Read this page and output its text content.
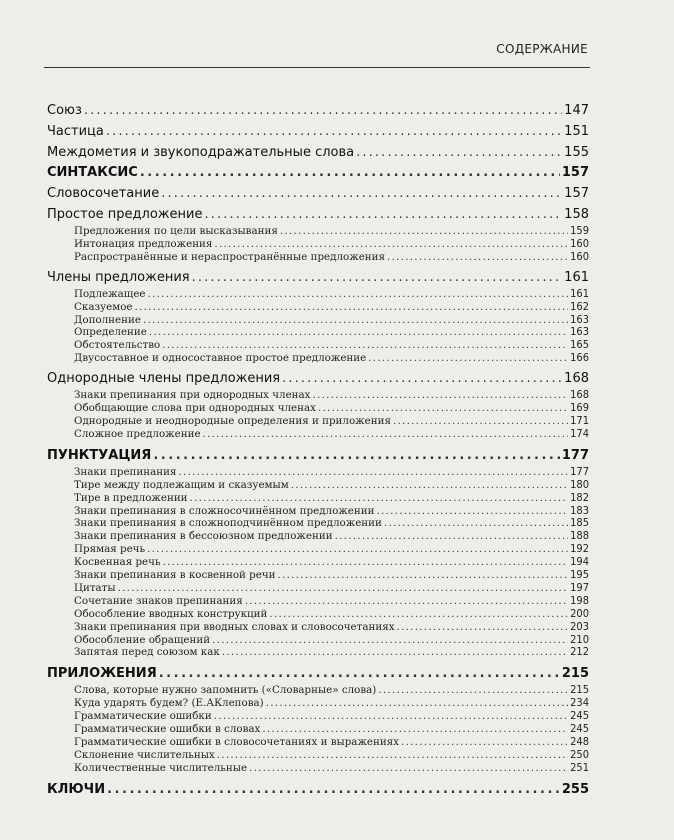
СОДЕРЖАНИЕ
Союз . . .	147
Частица . . .	151
Междометия и звукоподражательные слова . . .	155
СИНТАКСИС . . .	157
Словосочетание . . .	157
Простое предложение . . .	158
Предложения по цели высказывания . . .	159
Интонация предложения . . .	160
Распространённые и нераспространённые предложения . . .	160
Члены предложения . . .	161
Подлежащее . . .	161
Сказуемое . . .	162
Дополнение . . .	163
Определение . . .	163
Обстоятельство . . .	165
Двусоставное и односоставное простое предложение . . .	166
Однородные члены предложения . . .	168
Знаки препинания при однородных членах . . .	168
Обобщающие слова при однородных членах . . .	169
Однородные и неоднородные определения и приложения . . .	171
Сложное предложение . . .	174
ПУНКТУАЦИЯ . . .	177
Знаки препинания . . .	177
Тире между подлежащим и сказуемым . . .	180
Тире в предложении . . .	182
Знаки препинания в сложносочинённом предложении . . .	183
Знаки препинания в сложноподчинённом предложении . . .	185
Знаки препинания в бессоюзном предложении . . .	188
Прямая речь . . .	192
Косвенная речь . . .	194
Знаки препинания в косвенной речи . . .	195
Цитаты . . .	197
Сочетание знаков препинания . . .	198
Обособление вводных конструкций . . .	200
Знаки препинания при вводных словах и словосочетаниях . . .	203
Обособление обращений . . .	210
Запятая перед союзом как . . .	212
ПРИЛОЖЕНИЯ . . .	215
Слова, которые нужно запомнить («Словарные» слова) . . .	215
Куда ударять будем? (Е.АКлепова) . . .	234
Грамматические ошибки . . .	245
Грамматические ошибки в словах . . .	245
Грамматические ошибки в словосочетаниях и выражениях . . .	248
Склонение числительных . . .	250
Количественные числительные . . .	251
КЛЮЧИ . . .	255
